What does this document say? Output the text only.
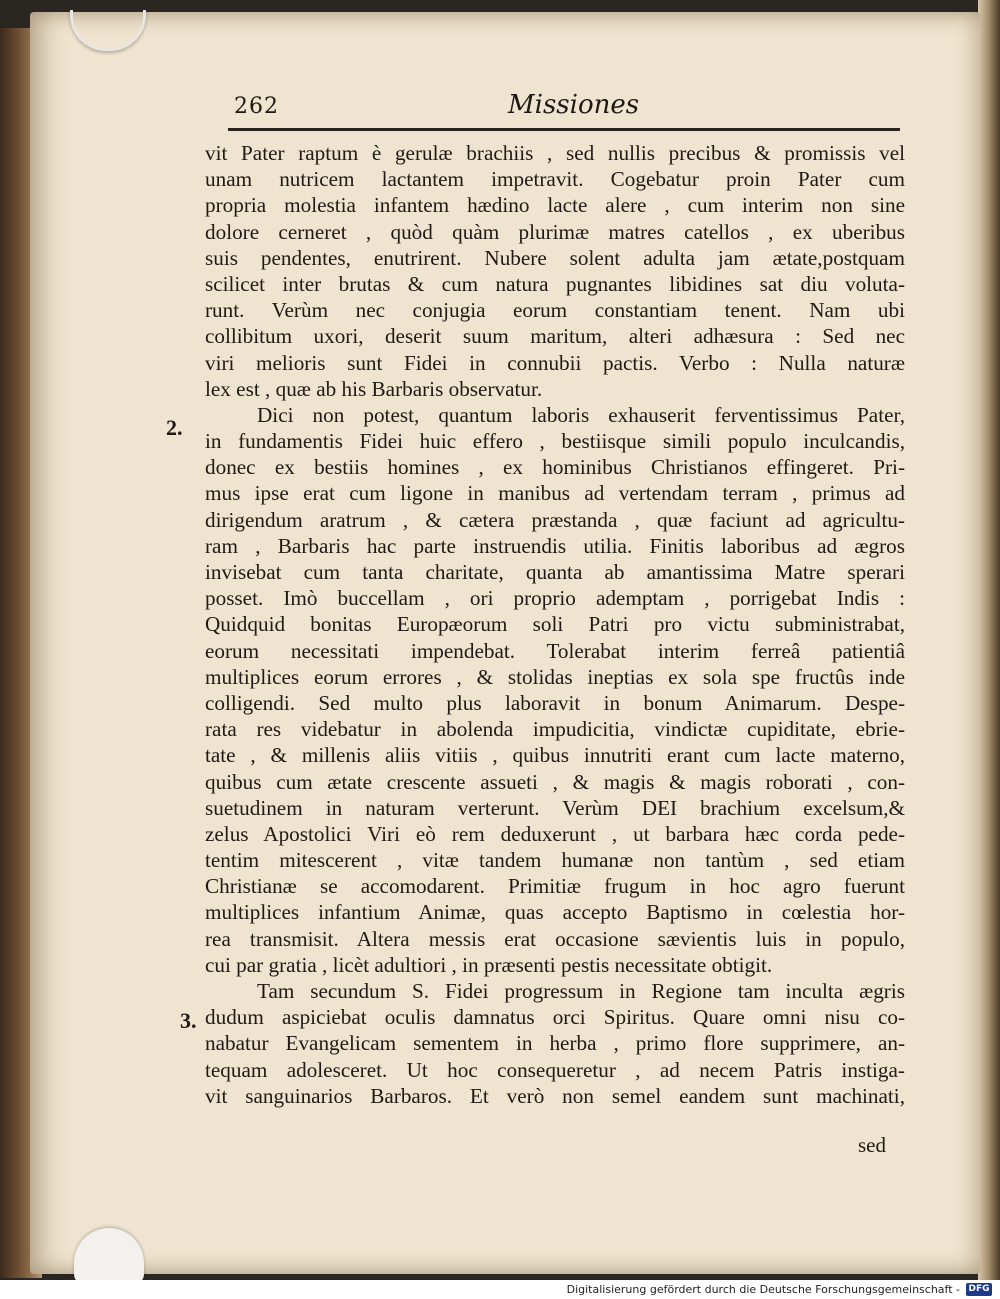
262	Missiones
2.
3.
vit Pater raptum è gerulæ brachiis , sed nullis precibus & promissis vel
unam nutricem lactantem impetravit. Cogebatur proin Pater cum
propria molestia infantem hædino lacte alere , cum interim non sine
dolore cerneret , quòd quàm plurimæ matres catellos , ex uberibus
suis pendentes, enutrirent. Nubere solent adulta jam ætate,postquam
scilicet inter brutas & cum natura pugnantes libidines sat diu voluta-
runt. Verùm nec conjugia eorum constantiam tenent. Nam ubi
collibitum uxori, deserit suum maritum, alteri adhæsura : Sed nec
viri melioris sunt Fidei in connubii pactis. Verbo : Nulla naturæ
lex est , quæ ab his Barbaris observatur.
Dici non potest, quantum laboris exhauserit ferventissimus Pater,
in fundamentis Fidei huic effero , bestiisque simili populo inculcandis,
donec ex bestiis homines , ex hominibus Christianos effingeret. Pri-
mus ipse erat cum ligone in manibus ad vertendam terram , primus ad
dirigendum aratrum , & cætera præstanda , quæ faciunt ad agricultu-
ram , Barbaris hac parte instruendis utilia. Finitis laboribus ad ægros
invisebat cum tanta charitate, quanta ab amantissima Matre sperari
posset. Imò buccellam , ori proprio ademptam , porrigebat Indis :
Quidquid bonitas Europæorum soli Patri pro victu subministrabat,
eorum necessitati impendebat. Tolerabat interim ferreâ patientiâ
multiplices eorum errores , & stolidas ineptias ex sola spe fructûs inde
colligendi. Sed multo plus laboravit in bonum Animarum. Despe-
rata res videbatur in abolenda impudicitia, vindictæ cupiditate, ebrie-
tate , & millenis aliis vitiis , quibus innutriti erant cum lacte materno,
quibus cum ætate crescente assueti , & magis & magis roborati , con-
suetudinem in naturam verterunt. Verùm DEI brachium excelsum,&
zelus Apostolici Viri eò rem deduxerunt , ut barbara hæc corda pede-
tentim mitescerent , vitæ tandem humanæ non tantùm , sed etiam
Christianæ se accomodarent. Primitiæ frugum in hoc agro fuerunt
multiplices infantium Animæ, quas accepto Baptismo in cœlestia hor-
rea transmisit. Altera messis erat occasione sævientis luis in populo,
cui par gratia , licèt adultiori , in præsenti pestis necessitate obtigit.
Tam secundum S. Fidei progressum in Regione tam inculta ægris
dudum aspiciebat oculis damnatus orci Spiritus. Quare omni nisu co-
nabatur Evangelicam sementem in herba , primo flore supprimere, an-
tequam adolesceret. Ut hoc consequeretur , ad necem Patris instiga-
vit sanguinarios Barbaros. Et verò non semel eandem sunt machinati,
sed
Digitalisierung gefördert durch die Deutsche Forschungsgemeinschaft - DFG
